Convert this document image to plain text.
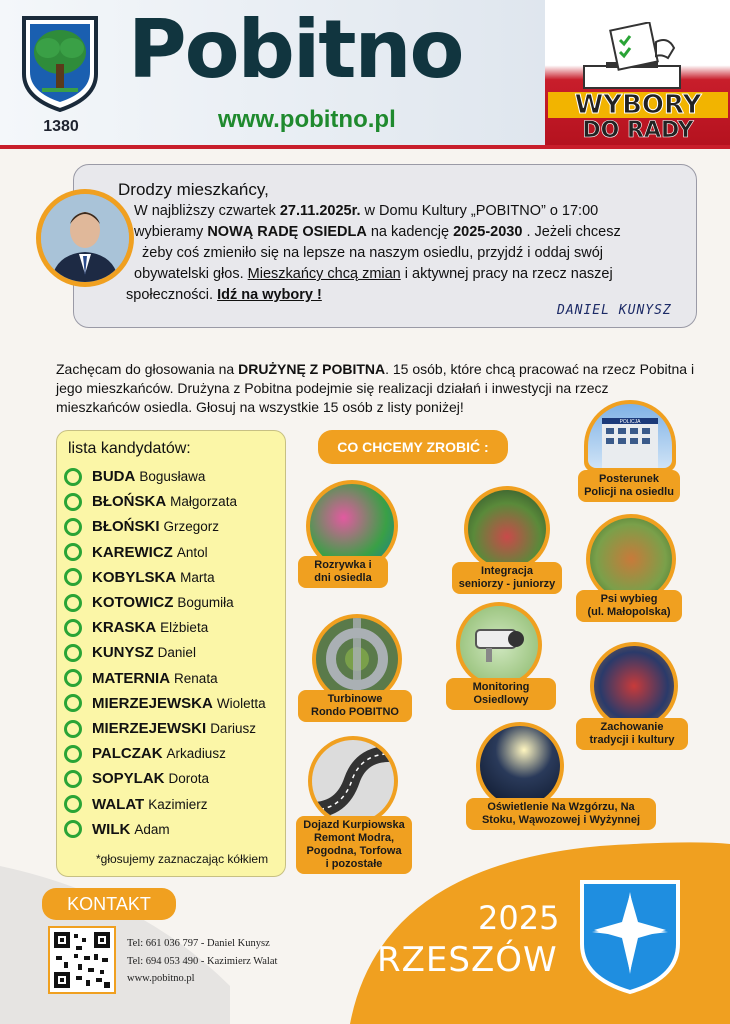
1380
Pobitno
www.pobitno.pl	WYBORY
DO RADY
Drodzy mieszkańcy,
W najbliższy czwartek 27.11.2025r. w Domu Kultury „POBITNO” o 17:00
wybieramy NOWĄ RADĘ OSIEDLA na kadencję 2025-2030 . Jeżeli chcesz
żeby coś zmieniło się na lepsze na naszym osiedlu, przyjdź i oddaj swój
obywatelski głos. Mieszkańcy chcą zmian i aktywnej pracy na rzecz naszej
społeczności. Idź na wybory !
DANIEL KUNYSZ
Zachęcam do głosowania na DRUŻYNĘ Z POBITNA. 15 osób, które chcą pracować na rzecz Pobitna i jego mieszkańców. Drużyna z Pobitna podejmie się realizacji działań i inwestycji na rzecz mieszkańców osiedla. Głosuj na wszystkie 15 osób z listy poniżej!
lista kandydatów:
BUDA Bogusława
BŁOŃSKA Małgorzata
BŁOŃSKI Grzegorz
KAREWICZ Antol
KOBYLSKA Marta
KOTOWICZ Bogumiła
KRASKA Elżbieta
KUNYSZ Daniel
MATERNIA Renata
MIERZEJEWSKA Wioletta
MIERZEJEWSKI Dariusz
PALCZAK Arkadiusz
SOPYLAK Dorota
WALAT Kazimierz
WILK Adam
*głosujemy zaznaczając kółkiem
CO CHCEMY ZROBIĆ :
POLICJA
Posterunek
Policji na osiedlu
Rozrywka i
dni osiedla
Integracja
seniorzy - juniorzy
Psi wybieg
(ul. Małopolska)
Turbinowe
Rondo POBITNO
Monitoring
Osiedlowy
Zachowanie
tradycji i kultury
Oświetlenie Na Wzgórzu, Na
Stoku, Wąwozowej i Wyżynnej
Dojazd Kurpiowska
Remont Modra,
Pogodna, Torfowa
i pozostałe
KONTAKT
Tel: 661 036 797 - Daniel Kunysz
Tel: 694 053 490 - Kazimierz Walat
www.pobitno.pl
2025
RZESZÓW
